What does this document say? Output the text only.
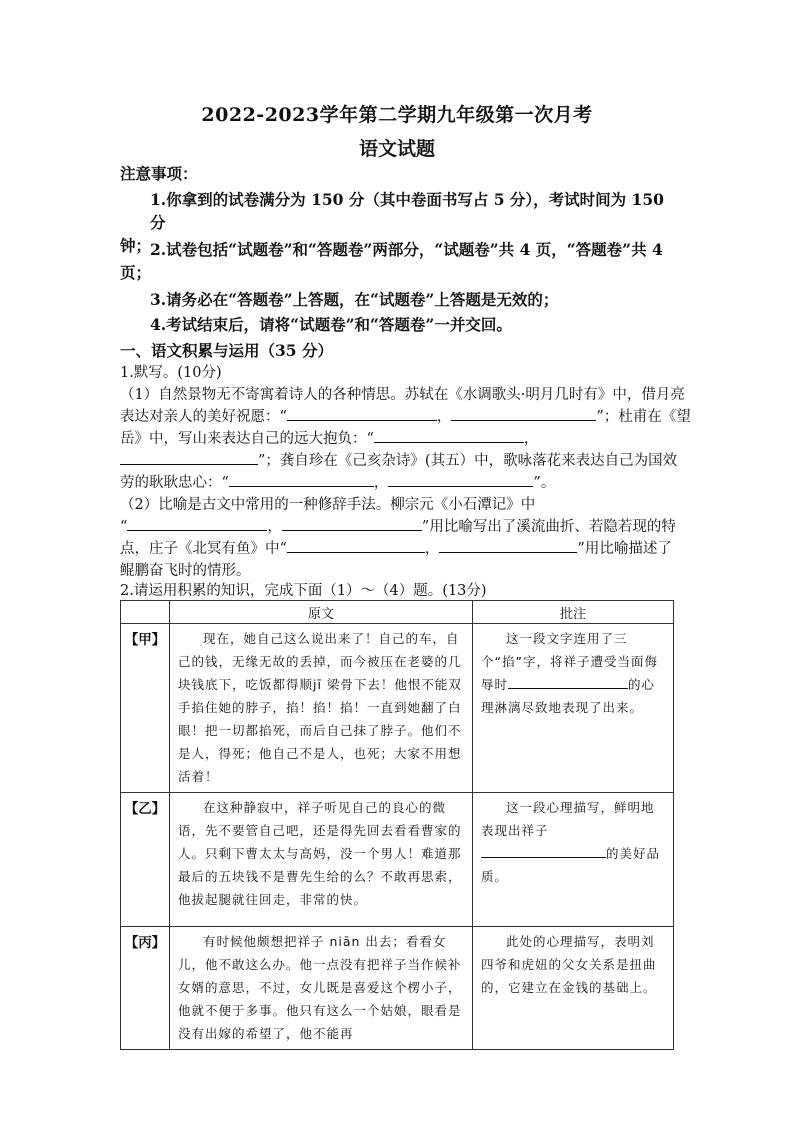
2022-2023学年第二学期九年级第一次月考
语文试题
注意事项：
1.你拿到的试卷满分为 150 分（其中卷面书写占 5 分），考试时间为 150 分
钟；
2.试卷包括“试题卷”和“答题卷”两部分，“试题卷”共 4 页，“答题卷”共 4
页；
3.请务必在“答题卷”上答题，在“试题卷”上答题是无效的；
4.考试结束后，请将“试题卷”和“答题卷”一并交回。
一、语文积累与运用（35 分）
1.默写。(10分)
（1）自然景物无不寄寓着诗人的各种情思。苏轼在《水调歌头·明月几时有》中，借月亮
表达对亲人的美好祝愿：“	，	”；杜甫在《望
岳》中，写山来表达自己的远大抱负：“	，
”；龚自珍在《己亥杂诗》(其五）中，歌咏落花来表达自己为国效
劳的耿耿忠心：“	，	”。
（2）比喻是古文中常用的一种修辞手法。柳宗元《小石潭记》中
“	，	”用比喻写出了溪流曲折、若隐若现的特
点，庄子《北冥有鱼》中“	，	”用比喻描述了
鲲鹏奋飞时的情形。
2.请运用积累的知识，完成下面（1）～（4）题。(13分)
	原文	批注
【甲】	现在，她自己这么说出来了！自己的车，自己的钱，无缘无故的丢掉，而今被压在老婆的几块钱底下，吃饭都得顺jī 梁骨下去！他恨不能双手掐住她的脖子，掐！掐！掐！一直到她翻了白眼！把一切都掐死，而后自己抹了脖子。他们不是人，得死；他自己不是人，也死；大家不用想活着！	这一段文字连用了三个“掐”字，将祥子遭受当面侮辱时 的心理淋漓尽致地表现了出来。
【乙】	在这种静寂中，祥子听见自己的良心的微语，先不要管自己吧，还是得先回去看看曹家的人。只剩下曹太太与高妈，没一个男人！难道那最后的五块钱不是曹先生给的么？不敢再思索，他拔起腿就往回走，非常的快。	这一段心理描写，鲜明地表现出祥子的美好品质。
【丙】	有时候他颇想把祥子 niān 出去；看看女儿，他不敢这么办。他一点没有把祥子当作候补女婿的意思，不过，女儿既是喜爱这个楞小子，他就不便于多事。他只有这么一个姑娘，眼看是没有出嫁的希望了，他不能再	此处的心理描写，表明刘四爷和虎妞的父女关系是扭曲的，它建立在金钱的基础上。
